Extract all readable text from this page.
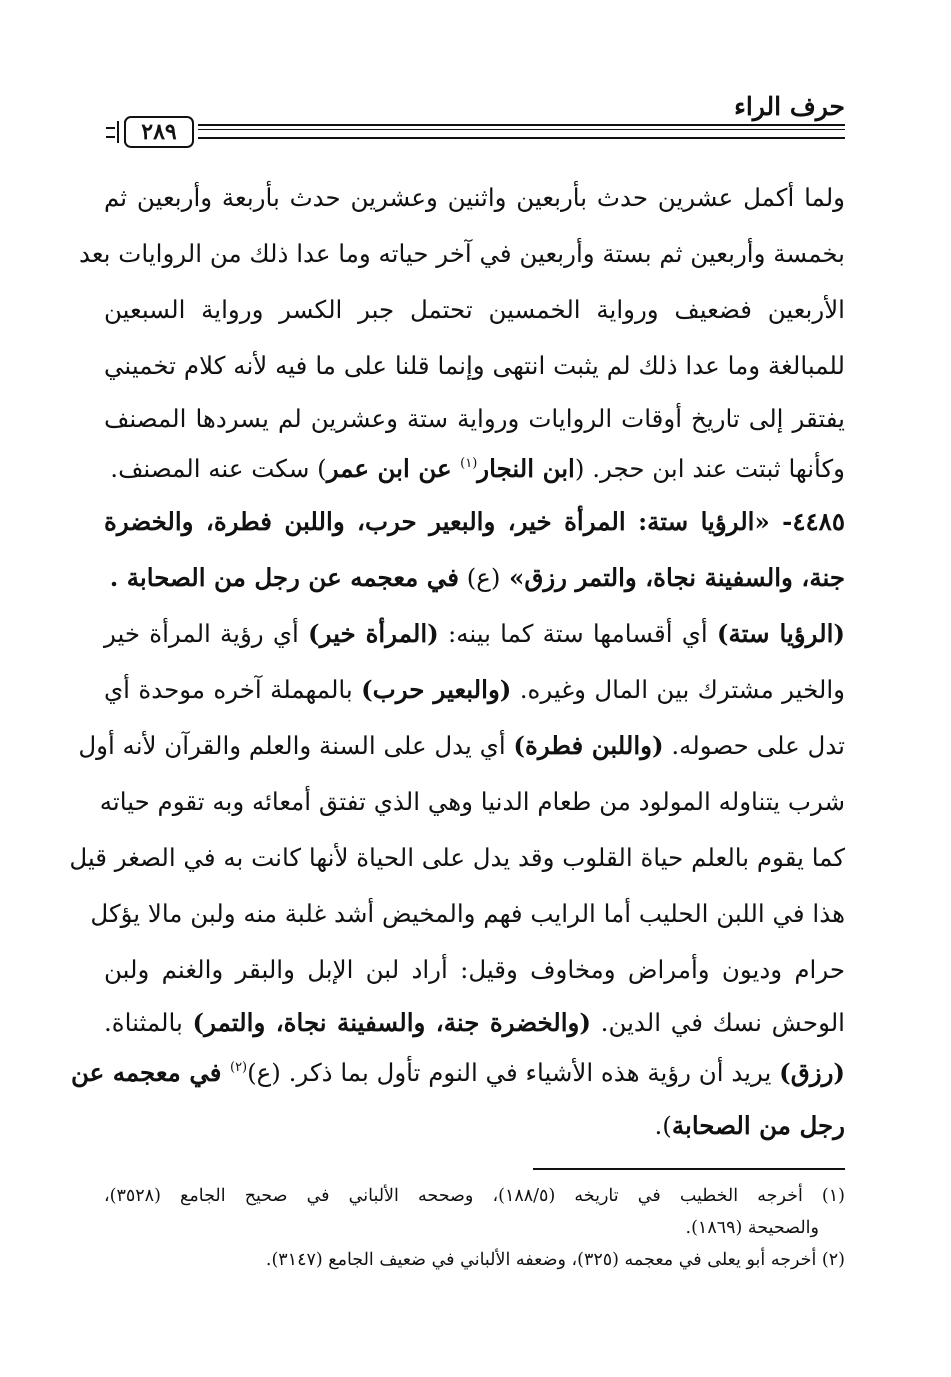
حرف الراء
٢٨٩
ولما أكمل عشرين حدث بأربعين واثنين وعشرين حدث بأربعة وأربعين ثم
بخمسة وأربعين ثم بستة وأربعين في آخر حياته وما عدا ذلك من الروايات بعد
الأربعين فضعيف ورواية الخمسين تحتمل جبر الكسر ورواية السبعين
للمبالغة وما عدا ذلك لم يثبت انتهى وإنما قلنا على ما فيه لأنه كلام تخميني
يفتقر إلى تاريخ أوقات الروايات ورواية ستة وعشرين لم يسردها المصنف
وكأنها ثبتت عند ابن حجر. (ابن النجار$^{(١)}$ عن ابن عمر) سكت عنه المصنف.
٤٤٨٥- «الرؤيا ستة: المرأة خير، والبعير حرب، واللبن فطرة، والخضرة
جنة، والسفينة نجاة، والتمر رزق» (ع) في معجمه عن رجل من الصحابة .
(الرؤيا ستة) أي أقسامها ستة كما بينه: (المرأة خير) أي رؤية المرأة خير
والخير مشترك بين المال وغيره. (والبعير حرب) بالمهملة آخره موحدة أي
تدل على حصوله. (واللبن فطرة) أي يدل على السنة والعلم والقرآن لأنه أول
شرب يتناوله المولود من طعام الدنيا وهي الذي تفتق أمعائه وبه تقوم حياته
كما يقوم بالعلم حياة القلوب وقد يدل على الحياة لأنها كانت به في الصغر قيل
هذا في اللبن الحليب أما الرايب فهم والمخيض أشد غلبة منه ولبن مالا يؤكل
حرام وديون وأمراض ومخاوف وقيل: أراد لبن الإبل والبقر والغنم ولبن
الوحش نسك في الدين. (والخضرة جنة، والسفينة نجاة، والتمر) بالمثناة.
(رزق) يريد أن رؤية هذه الأشياء في النوم تأول بما ذكر. (ع)$^{(٢)}$ في معجمه عن
رجل من الصحابة).
(١) أخرجه الخطيب في تاريخه (١٨٨/٥)، وصححه الألباني في صحيح الجامع (٣٥٢٨)،
والصحيحة (١٨٦٩).
(٢) أخرجه أبو يعلى في معجمه (٣٢٥)، وضعفه الألباني في ضعيف الجامع (٣١٤٧).
